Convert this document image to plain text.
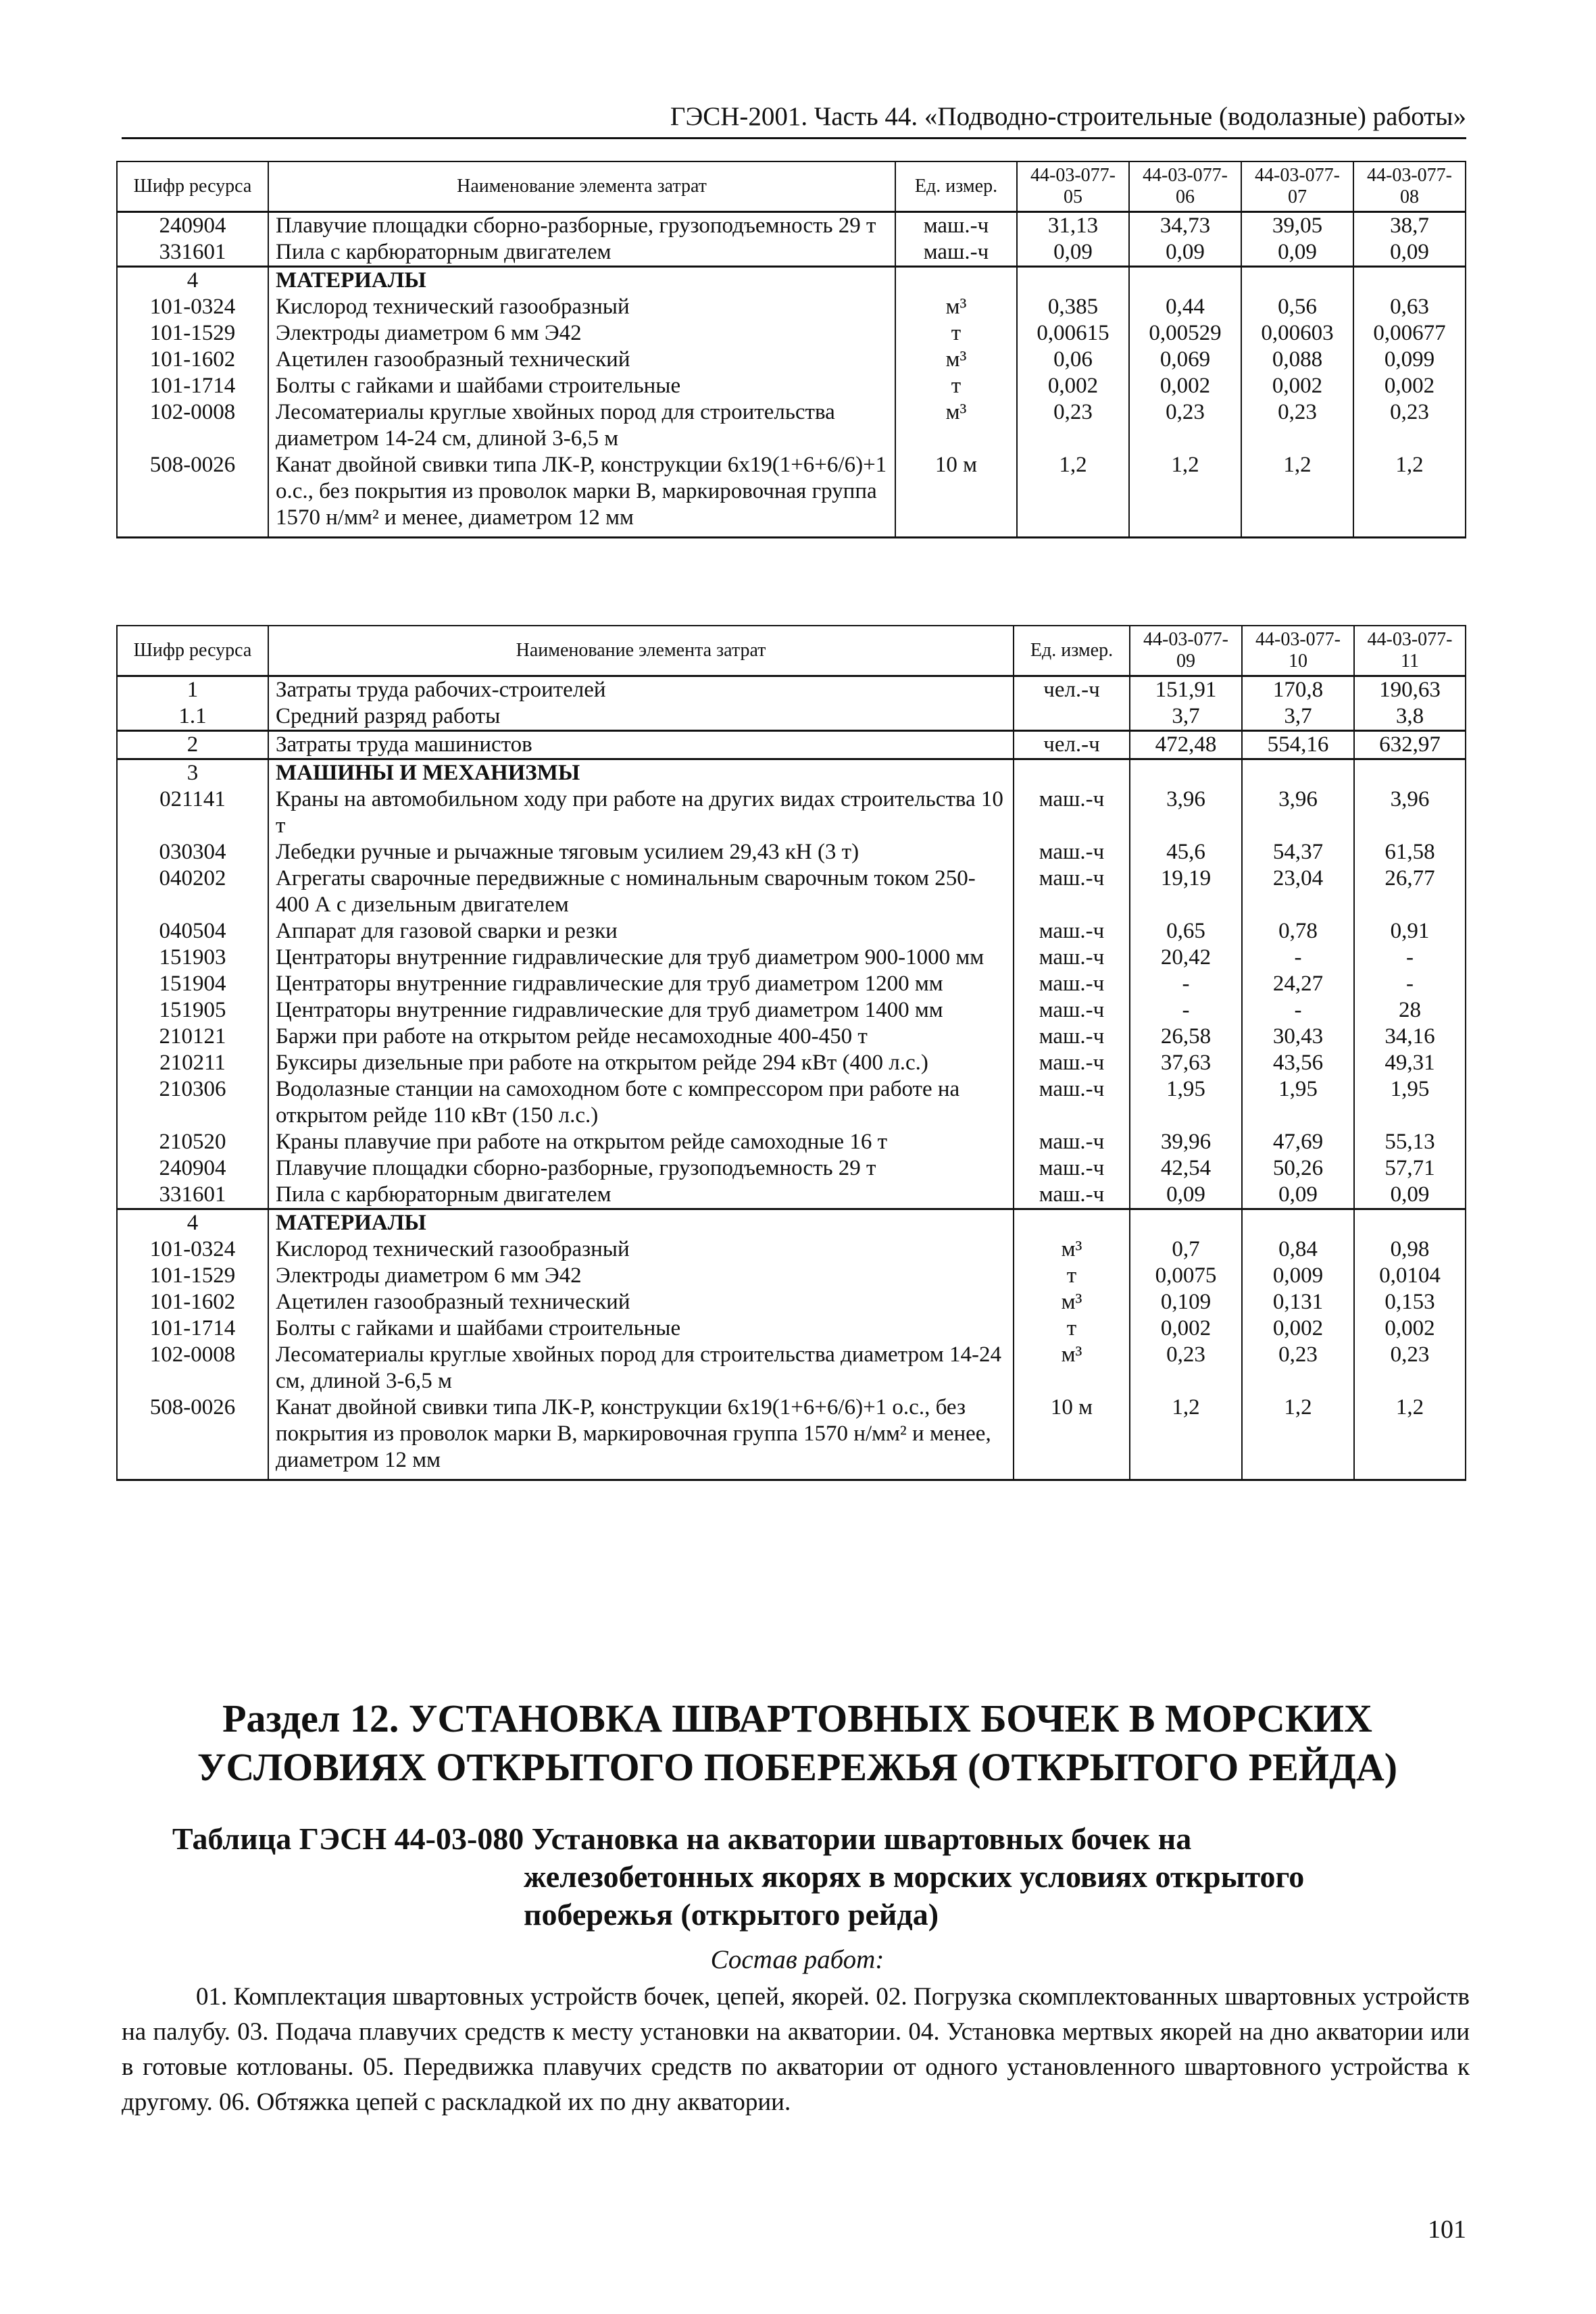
ГЭСН-2001. Часть 44. «Подводно-строительные (водолазные) работы»
Шифр ресурса	Наименование элемента затрат	Ед. измер.	44-03-077-05	44-03-077-06	44-03-077-07	44-03-077-08
240904	Плавучие площадки сборно-разборные, грузоподъемность 29 т	маш.-ч	31,13	34,73	39,05	38,7
331601	Пила с карбюраторным двигателем	маш.-ч	0,09	0,09	0,09	0,09
4	МАТЕРИАЛЫ					
101-0324	Кислород технический газообразный	м³	0,385	0,44	0,56	0,63
101-1529	Электроды диаметром 6 мм Э42	т	0,00615	0,00529	0,00603	0,00677
101-1602	Ацетилен газообразный технический	м³	0,06	0,069	0,088	0,099
101-1714	Болты с гайками и шайбами строительные	т	0,002	0,002	0,002	0,002
102-0008	Лесоматериалы круглые хвойных пород для строительства диаметром 14-24 см, длиной 3-6,5 м	м³	0,23	0,23	0,23	0,23
508-0026	Канат двойной свивки типа ЛК-Р, конструкции 6х19(1+6+6/6)+1 о.с., без покрытия из проволок марки В, маркировочная группа 1570 н/мм² и менее, диаметром 12 мм	10 м	1,2	1,2	1,2	1,2
Шифр ресурса	Наименование элемента затрат	Ед. измер.	44-03-077-09	44-03-077-10	44-03-077-11
1	Затраты труда рабочих-строителей	чел.-ч	151,91	170,8	190,63
1.1	Средний разряд работы		3,7	3,7	3,8
2	Затраты труда машинистов	чел.-ч	472,48	554,16	632,97
3	МАШИНЫ И МЕХАНИЗМЫ				
021141	Краны на автомобильном ходу при работе на других видах строительства 10 т	маш.-ч	3,96	3,96	3,96
030304	Лебедки ручные и рычажные тяговым усилием 29,43 кН (3 т)	маш.-ч	45,6	54,37	61,58
040202	Агрегаты сварочные передвижные с номинальным сварочным током 250-400 А с дизельным двигателем	маш.-ч	19,19	23,04	26,77
040504	Аппарат для газовой сварки и резки	маш.-ч	0,65	0,78	0,91
151903	Центраторы внутренние гидравлические для труб диаметром 900-1000 мм	маш.-ч	20,42	-	-
151904	Центраторы внутренние гидравлические для труб диаметром 1200 мм	маш.-ч	-	24,27	-
151905	Центраторы внутренние гидравлические для труб диаметром 1400 мм	маш.-ч	-	-	28
210121	Баржи при работе на открытом рейде несамоходные 400-450 т	маш.-ч	26,58	30,43	34,16
210211	Буксиры дизельные при работе на открытом рейде 294 кВт (400 л.с.)	маш.-ч	37,63	43,56	49,31
210306	Водолазные станции на самоходном боте с компрессором при работе на открытом рейде 110 кВт (150 л.с.)	маш.-ч	1,95	1,95	1,95
210520	Краны плавучие при работе на открытом рейде самоходные 16 т	маш.-ч	39,96	47,69	55,13
240904	Плавучие площадки сборно-разборные, грузоподъемность 29 т	маш.-ч	42,54	50,26	57,71
331601	Пила с карбюраторным двигателем	маш.-ч	0,09	0,09	0,09
4	МАТЕРИАЛЫ				
101-0324	Кислород технический газообразный	м³	0,7	0,84	0,98
101-1529	Электроды диаметром 6 мм Э42	т	0,0075	0,009	0,0104
101-1602	Ацетилен газообразный технический	м³	0,109	0,131	0,153
101-1714	Болты с гайками и шайбами строительные	т	0,002	0,002	0,002
102-0008	Лесоматериалы круглые хвойных пород для строительства диаметром 14-24 см, длиной 3-6,5 м	м³	0,23	0,23	0,23
508-0026	Канат двойной свивки типа ЛК-Р, конструкции 6х19(1+6+6/6)+1 о.с., без покрытия из проволок марки В, маркировочная группа 1570 н/мм² и менее, диаметром 12 мм	10 м	1,2	1,2	1,2
Раздел 12. УСТАНОВКА ШВАРТОВНЫХ БОЧЕК В МОРСКИХ УСЛОВИЯХ ОТКРЫТОГО ПОБЕРЕЖЬЯ (ОТКРЫТОГО РЕЙДА)
Таблица ГЭСН 44-03-080 Установка на акватории швартовных бочек на
железобетонных якорях в морских условиях открытого побережья (открытого рейда)
Состав работ:
01. Комплектация швартовных устройств бочек, цепей, якорей. 02. Погрузка скомплектованных швартовных устройств на палубу. 03. Подача плавучих средств к месту установки на акватории. 04. Установка мертвых якорей на дно акватории или в готовые котлованы. 05. Передвижка плавучих средств по акватории от одного установленного швартовного устройства к другому. 06. Обтяжка цепей с раскладкой их по дну акватории.
101
